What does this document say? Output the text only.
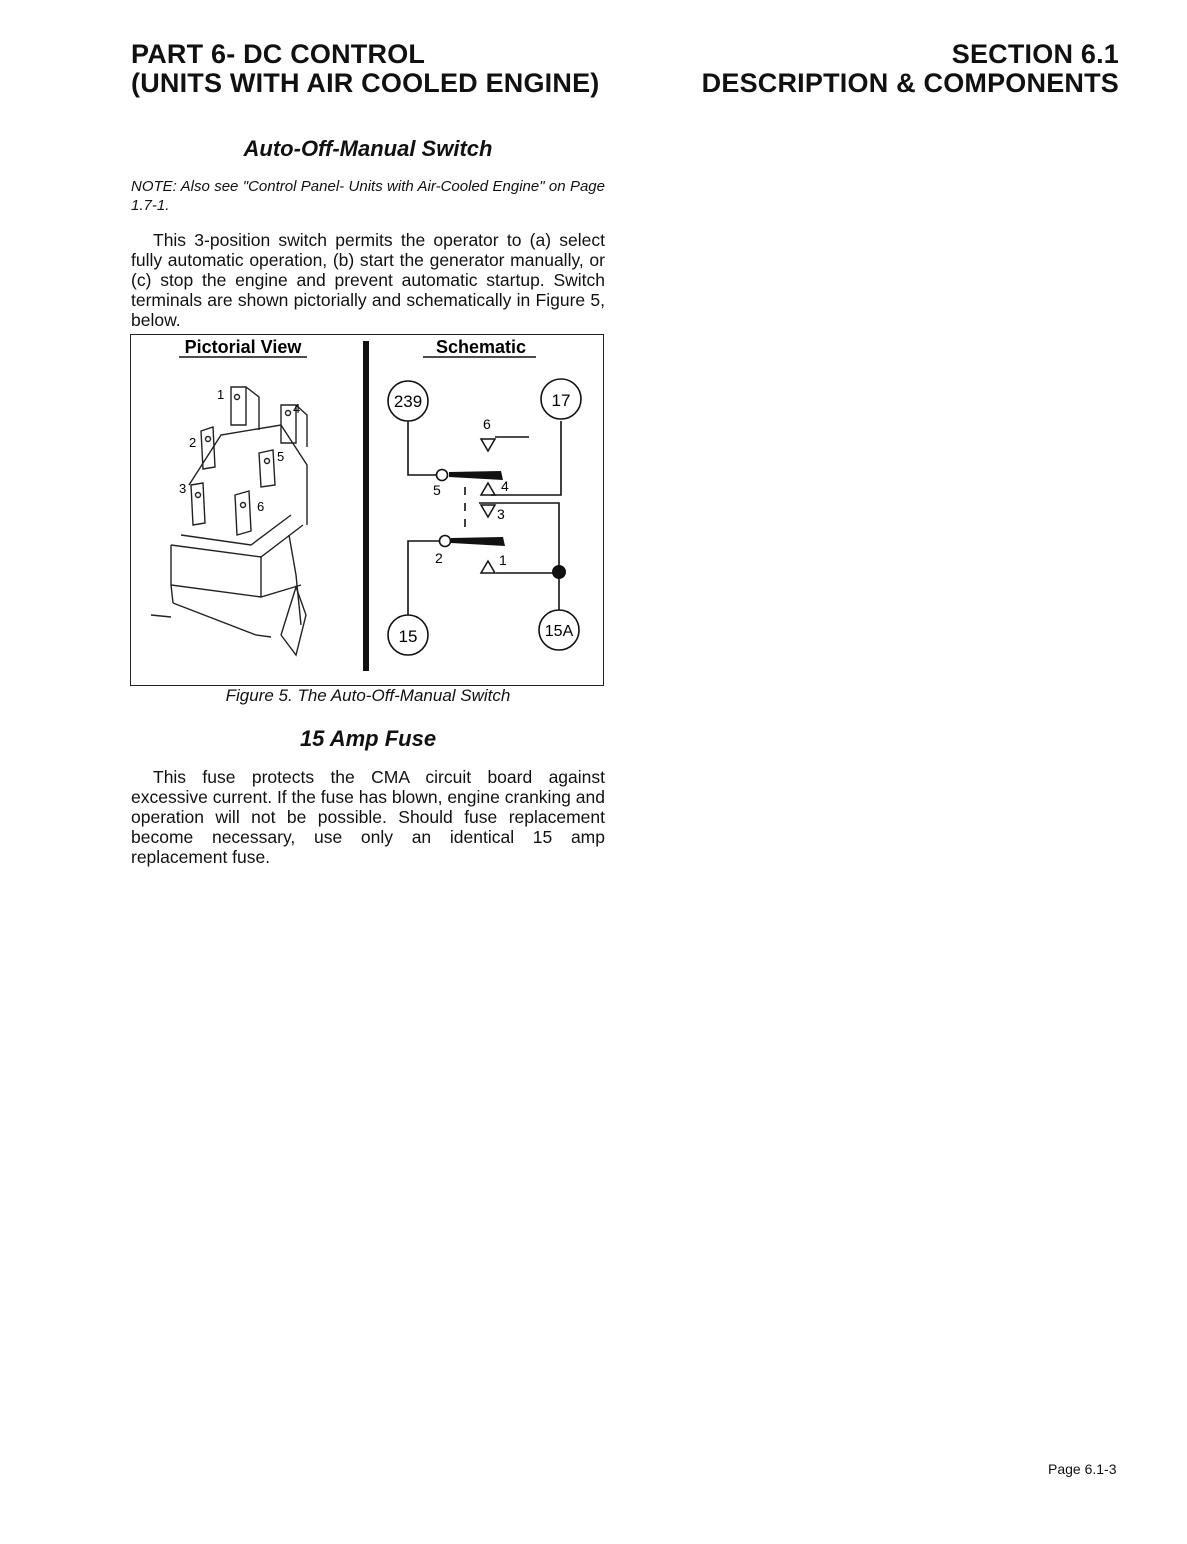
PART 6- DC CONTROL
(UNITS WITH AIR COOLED ENGINE)
SECTION 6.1
DESCRIPTION & COMPONENTS
Auto-Off-Manual Switch
NOTE: Also see "Control Panel- Units with Air-Cooled Engine" on Page 1.7-1.
This 3-position switch permits the operator to (a) select fully automatic operation, (b) start the generator manually, or (c) stop the engine and prevent automatic startup. Switch terminals are shown pictorially and schematically in Figure 5, below.
Pictorial View	Schematic
1
2
3
4
5
6
239	17
15	15A
6
5	4
3
2	1
Figure 5. The Auto-Off-Manual Switch
15 Amp Fuse
This fuse protects the CMA circuit board against excessive current. If the fuse has blown, engine cranking and operation will not be possible. Should fuse replacement become necessary, use only an identical 15 amp replacement fuse.
Page 6.1-3
